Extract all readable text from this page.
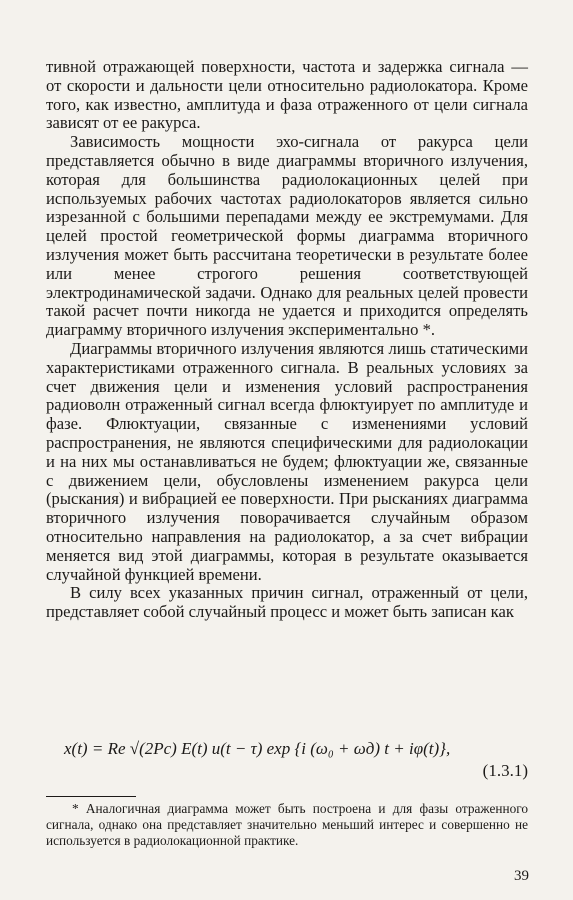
тивной отражающей поверхности, частота и задержка сигнала — от скорости и дальности цели относительно радиолокатора. Кроме того, как известно, амплитуда и фаза отраженного от цели сигнала зависят от ее ракурса.

Зависимость мощности эхо-сигнала от ракурса цели представляется обычно в виде диаграммы вторичного излучения, которая для большинства радиолокационных целей при используемых рабочих частотах радиолокаторов является сильно изрезанной с большими перепадами между ее экстремумами. Для целей простой геометрической формы диаграмма вторичного излучения может быть рассчитана теоретически в результате более или менее строгого решения соответствующей электродинамической задачи. Однако для реальных целей провести такой расчет почти никогда не удается и приходится определять диаграмму вторичного излучения экспериментально *.

Диаграммы вторичного излучения являются лишь статическими характеристиками отраженного сигнала. В реальных условиях за счет движения цели и изменения условий распространения радиоволн отраженный сигнал всегда флюктуирует по амплитуде и фазе. Флюктуации, связанные с изменениями условий распространения, не являются специфическими для радиолокации и на них мы останавливаться не будем; флюктуации же, связанные с движением цели, обусловлены изменением ракурса цели (рыскания) и вибрацией ее поверхности. При рысканиях диаграмма вторичного излучения поворачивается случайным образом относительно направления на радиолокатор, а за счет вибрации меняется вид этой диаграммы, которая в результате оказывается случайной функцией времени.

В силу всех указанных причин сигнал, отраженный от цели, представляет собой случайный процесс и может быть записан как

x(t) = Re √(2Pc) E(t) u(t − τ) exp {i (ω₀ + ωд) t + iφ(t)},
(1.3.1)

* Аналогичная диаграмма может быть построена и для фазы отраженного сигнала, однако она представляет значительно меньший интерес и совершенно не используется в радиолокационной практике.

39
